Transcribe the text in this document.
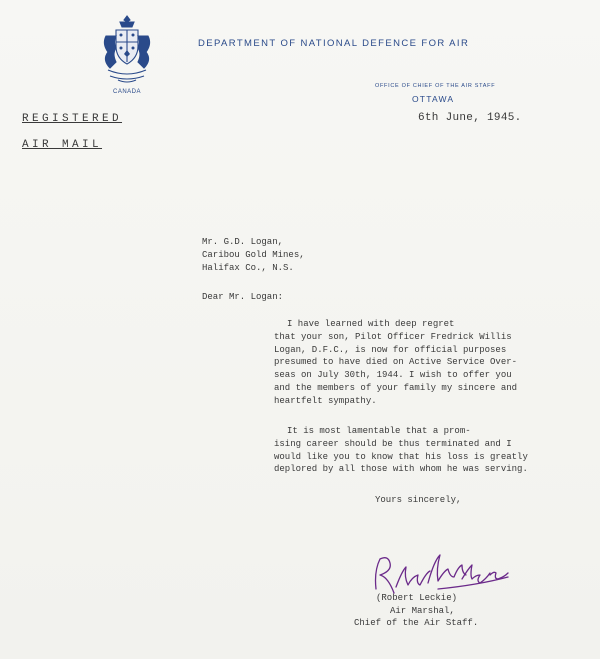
CANADA
DEPARTMENT OF NATIONAL DEFENCE FOR AIR
OFFICE OF CHIEF OF THE AIR STAFF
OTTAWA
6th June, 1945.
REGISTERED
AIR MAIL
Mr. G.D. Logan,
Caribou Gold Mines,
Halifax Co., N.S.
Dear Mr. Logan:
I have learned with deep regret
that your son, Pilot Officer Fredrick Willis
Logan, D.F.C., is now for official purposes
presumed to have died on Active Service Over-
seas on July 30th, 1944. I wish to offer you
and the members of your family my sincere and
heartfelt sympathy.
It is most lamentable that a prom-
ising career should be thus terminated and I
would like you to know that his loss is greatly
deplored by all those with whom he was serving.
Yours sincerely,
(Robert Leckie)
Air Marshal,
Chief of the Air Staff.
